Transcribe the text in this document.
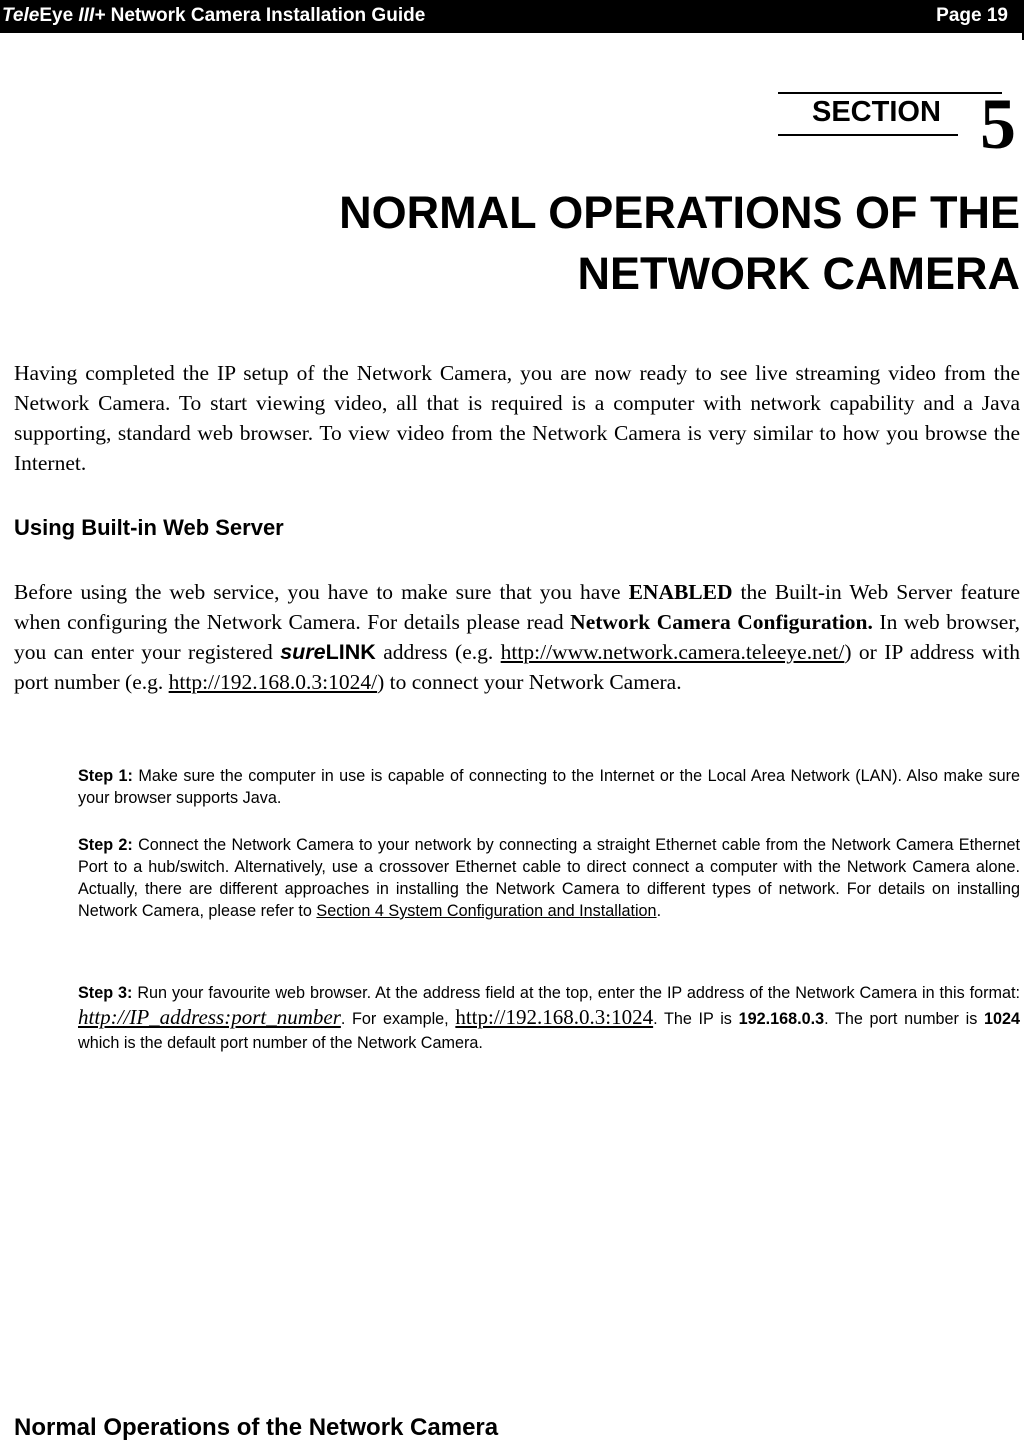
TeleEye III+ Network Camera Installation Guide	Page 19
SECTION 5
NORMAL OPERATIONS OF THE
NETWORK CAMERA
Having completed the IP setup of the Network Camera, you are now ready to see live streaming video from the Network Camera. To start viewing video, all that is required is a computer with network capability and a Java supporting, standard web browser. To view video from the Network Camera is very similar to how you browse the Internet.
Using Built-in Web Server
Before using the web service, you have to make sure that you have ENABLED the Built-in Web Server feature when configuring the Network Camera. For details please read Network Camera Configuration. In web browser, you can enter your registered sureLINK address (e.g. http://www.network.camera.teleeye.net/) or IP address with port number (e.g. http://192.168.0.3:1024/) to connect your Network Camera.
Step 1: Make sure the computer in use is capable of connecting to the Internet or the Local Area Network (LAN). Also make sure your browser supports Java.
Step 2: Connect the Network Camera to your network by connecting a straight Ethernet cable from the Network Camera Ethernet Port to a hub/switch. Alternatively, use a crossover Ethernet cable to direct connect a computer with the Network Camera alone. Actually, there are different approaches in installing the Network Camera to different types of network. For details on installing Network Camera, please refer to Section 4 System Configuration and Installation.
Step 3: Run your favourite web browser. At the address field at the top, enter the IP address of the Network Camera in this format: http://IP_address:port_number. For example, http://192.168.0.3:1024. The IP is 192.168.0.3. The port number is 1024 which is the default port number of the Network Camera.
Normal Operations of the Network Camera
